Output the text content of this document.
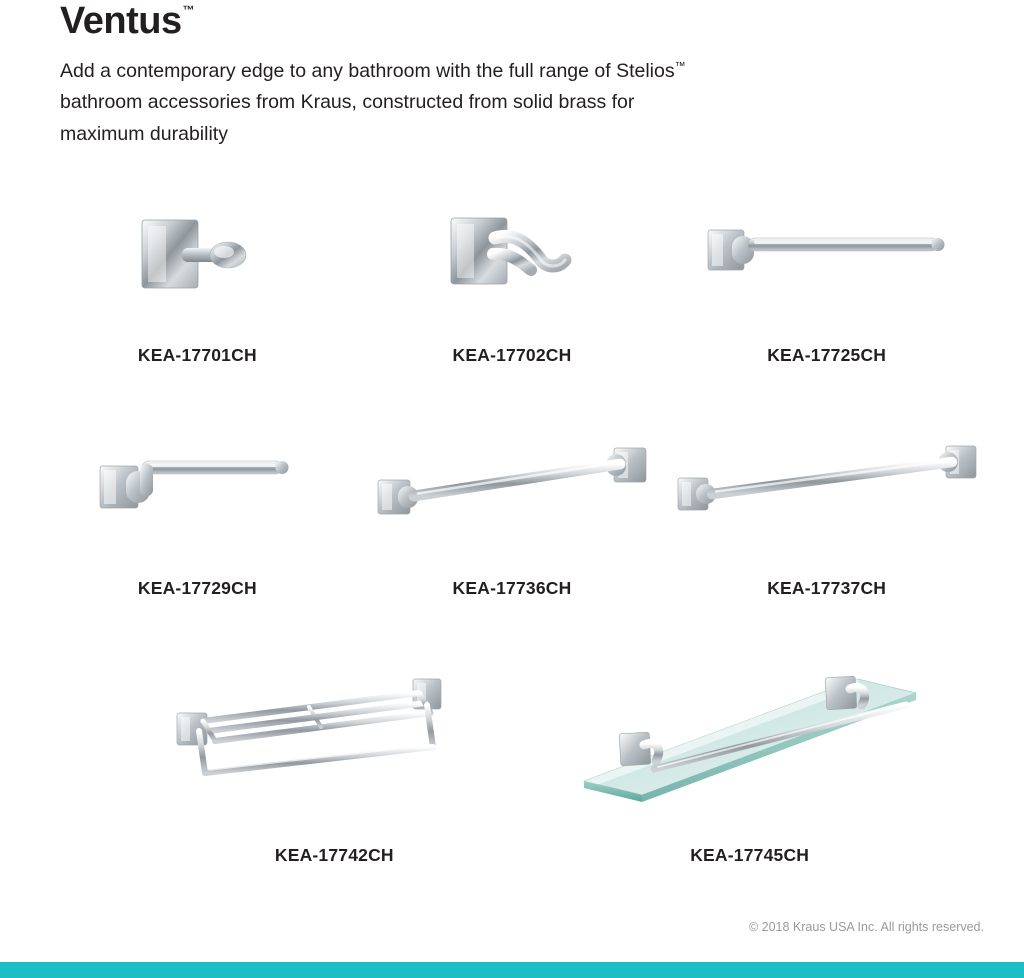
Ventus™

Add a contemporary edge to any bathroom with the full range of Stelios™
bathroom accessories from Kraus, constructed from solid brass for
maximum durability

KEA-17701CH	KEA-17702CH	KEA-17725CH
KEA-17729CH	KEA-17736CH	KEA-17737CH
KEA-17742CH	KEA-17745CH
© 2018 Kraus USA Inc. All rights reserved.
